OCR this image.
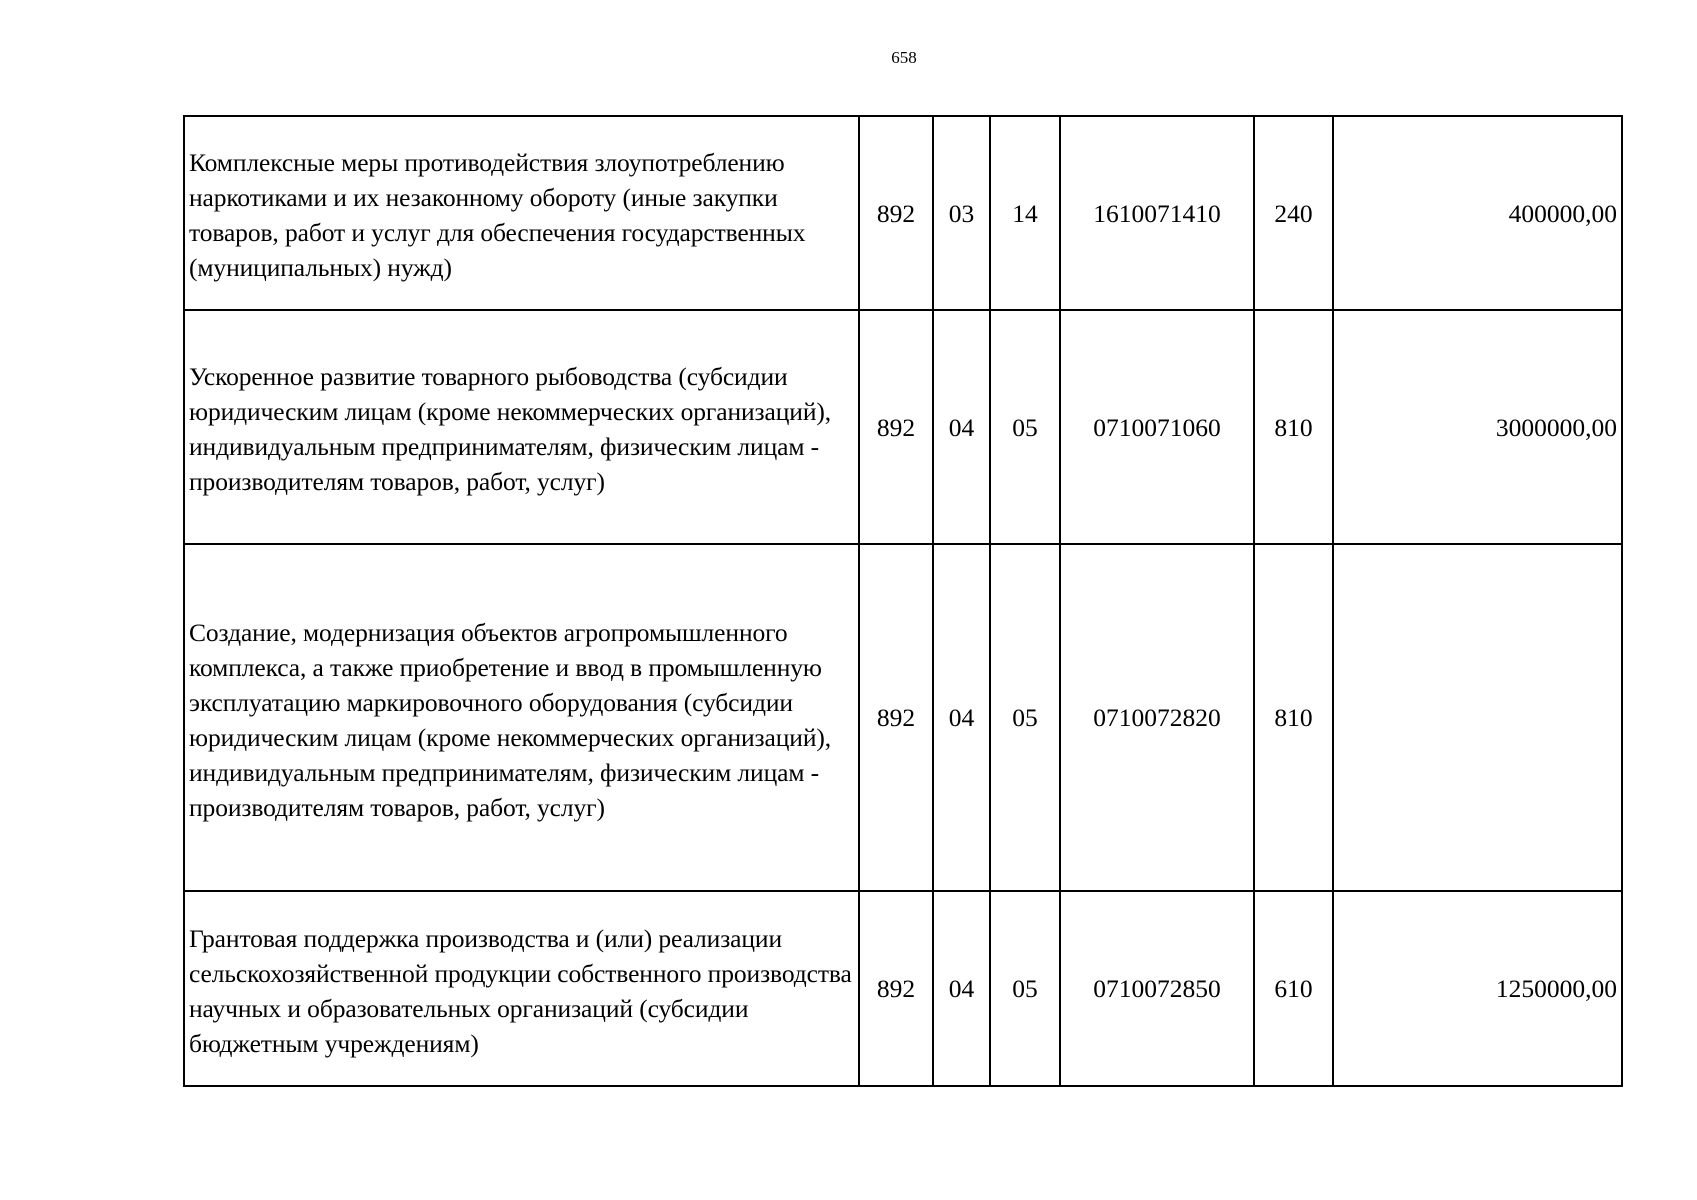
658
Комплексные меры противодействия злоупотреблению наркотиками и их незаконному обороту (иные закупки товаров, работ и услуг для обеспечения государственных (муниципальных) нужд)	892	03	14	1610071410	240	400000,00
Ускоренное развитие товарного рыбоводства (субсидии юридическим лицам (кроме некоммерческих организаций), индивидуальным предпринимателям, физическим лицам - производителям товаров, работ, услуг)	892	04	05	0710071060	810	3000000,00
Создание, модернизация объектов агропромышленного комплекса, а также приобретение и ввод в промышленную эксплуатацию маркировочного оборудования (субсидии юридическим лицам (кроме некоммерческих организаций), индивидуальным предпринимателям, физическим лицам - производителям товаров, работ, услуг)	892	04	05	0710072820	810	
Грантовая поддержка производства и (или) реализации сельскохозяйственной продукции собственного производства научных и образовательных организаций (субсидии бюджетным учреждениям)	892	04	05	0710072850	610	1250000,00
